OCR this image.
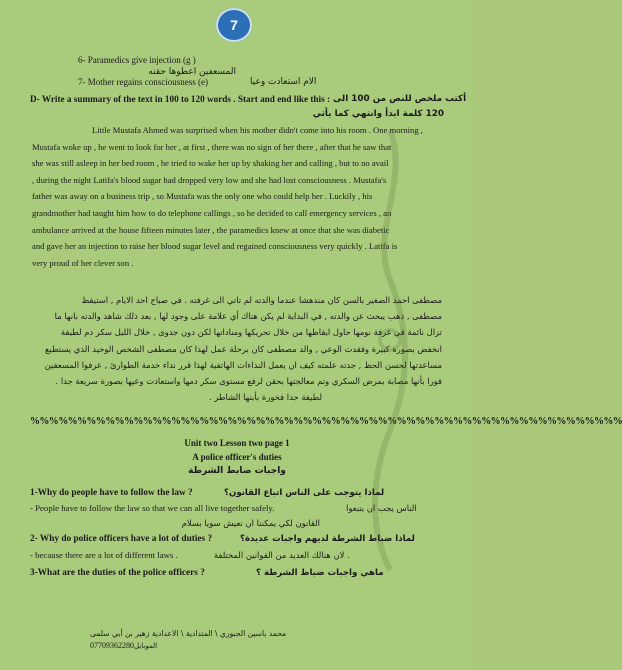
7
6- Paramedics give injection (g )
المسعفين اعطوها حقنه
7- Mother regains consciousness (e)	الام استعادت وعيا
D- Write a summary of the text in 100 to 120 words . Start and end like this : أكتب ملخص للنص من 100 الى
120 كلمة ابدأ وانتهي كما يأتي
Little Mustafa Ahmed was surprised when his mother didn't come into his room . One morning ,
Mustafa woke up , he went to look for her , at first , there was no sign of her there , after that he saw that
she was still asleep in her bed room , he tried to wake her up by shaking her and calling , but to no avail
, during the night Latifa's blood sugar had dropped very low and she had lost consciousness . Mustafa's
father was away on a business trip , so Mustafa was the only one who could help her . Luckily , his
grandmother had taught him how to do telephone callings , so he decided to call emergency services , an
ambulance arrived at the house fifteen minutes later , the paramedics knew at once that she was diabetic
and gave her an injection to raise her blood sugar level and regained consciousness very quickly . Latifa is
very proud of her clever son .
مصطفى احمد الصغير بالسن كان مندهشا عندما والدته لم تاتي الى غرفته . في صباح احد الايام , استيقظ
مصطفى , ذهب يبحث عن والدته , في البداية لم يكن هناك أي علامة على وجود لها , بعد ذلك شاهد والدته بانها ما
تزال نائمة في غرفة نومها حاول ايقاظها من خلال تحريكها ومناداتها لكن دون جدوى , خلال الليل سكر دم لطيفة
انخفض بصورة كبيرة وفقدت الوعي , والد مصطفى كان برحلة عمل لهذا كان مصطفى الشخص الوحيد الذي يستطيع
مساعدتها لحسن الحظ , جدته علمته كيف ان يعمل النداءات الهاتفية لهذا قرر نداء خدمة الطوارئ , عرفوا المسعفين
فورا بأنها مصابة بمرض السكري وتم معالجتها بحقن لرفع مستوى سكر دمها واستعادت وعيها بصورة سريعة جدا .
لطيفة جدا فخورة بأبنها الشاطر .
%%%%%%%%%%%%%%%%%%%%%%%%%%%%%%%%%%%%%%%%%%%%%%%%%%%%%%%%%%%%%%%
Unit two Lesson two page 1
A police officer's duties
واجبات ضابط الشرطة
1-Why do people have to follow the law ?	لماذا يتوجب على الناس اتباع القانون؟
- People have to follow the law so that we can all live together safely.	الناس يجب ان يتبعوا
القانون لكي يمكننا ان نعيش سويا بسلام
2- Why do police officers have a lot of duties ?	لماذا ضباط الشرطة لديهم واجبات عديدة؟
- because there are a lot of different laws .	لان هنالك العديد من القوانين المختلفة .
3-What are the duties of the police officers ?	ماهي واجبات ضباط الشرطة ؟
محمد ياسين الجبوري \ المتدادية \ الاعدادية زهير بن أبي سلمى
07709362280الموبايل
